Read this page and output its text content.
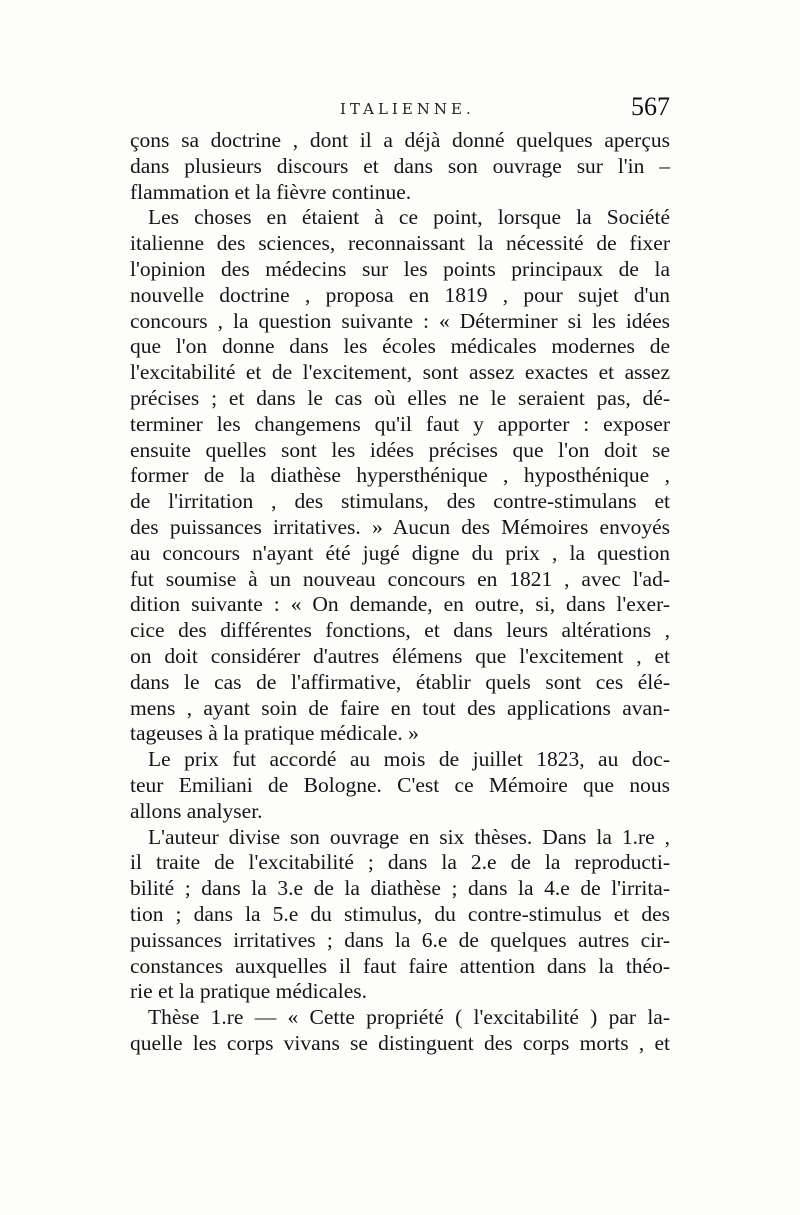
ITALIENNE.	567
çons sa doctrine , dont il a déjà donné quelques aperçus
dans plusieurs discours et dans son ouvrage sur l'in –
flammation et la fièvre continue.
Les choses en étaient à ce point, lorsque la Société
italienne des sciences, reconnaissant la nécessité de fixer
l'opinion des médecins sur les points principaux de la
nouvelle doctrine , proposa en 1819 , pour sujet d'un
concours , la question suivante : « Déterminer si les idées
que l'on donne dans les écoles médicales modernes de
l'excitabilité et de l'excitement, sont assez exactes et assez
précises ; et dans le cas où elles ne le seraient pas, dé-
terminer les changemens qu'il faut y apporter : exposer
ensuite quelles sont les idées précises que l'on doit se
former de la diathèse hypersthénique , hyposthénique ,
de l'irritation , des stimulans, des contre-stimulans et
des puissances irritatives. » Aucun des Mémoires envoyés
au concours n'ayant été jugé digne du prix , la question
fut soumise à un nouveau concours en 1821 , avec l'ad-
dition suivante : « On demande, en outre, si, dans l'exer-
cice des différentes fonctions, et dans leurs altérations ,
on doit considérer d'autres élémens que l'excitement , et
dans le cas de l'affirmative, établir quels sont ces élé-
mens , ayant soin de faire en tout des applications avan-
tageuses à la pratique médicale. »
Le prix fut accordé au mois de juillet 1823, au doc-
teur Emiliani de Bologne. C'est ce Mémoire que nous
allons analyser.
L'auteur divise son ouvrage en six thèses. Dans la 1.re ,
il traite de l'excitabilité ; dans la 2.e de la reproducti-
bilité ; dans la 3.e de la diathèse ; dans la 4.e de l'irrita-
tion ; dans la 5.e du stimulus, du contre-stimulus et des
puissances irritatives ; dans la 6.e de quelques autres cir-
constances auxquelles il faut faire attention dans la théo-
rie et la pratique médicales.
Thèse 1.re — « Cette propriété ( l'excitabilité ) par la-
quelle les corps vivans se distinguent des corps morts , et
